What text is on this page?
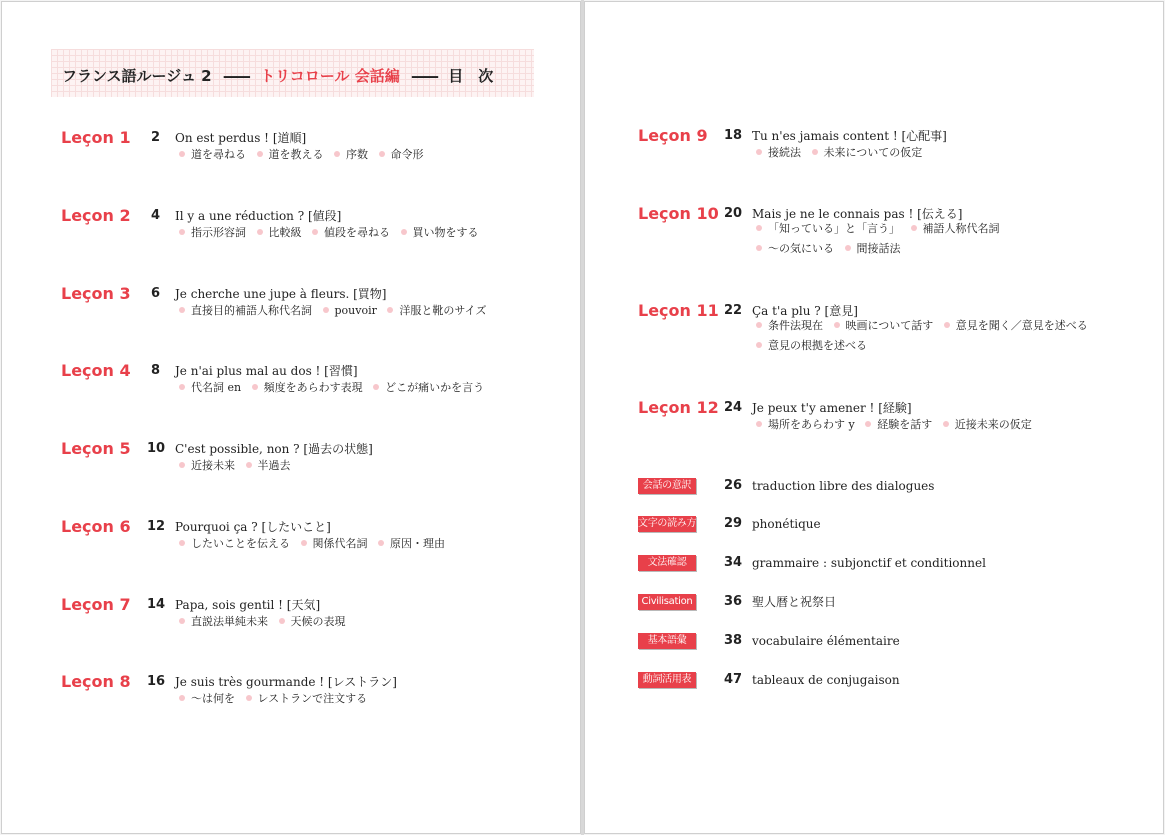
フランス語ルージュ 2 —— トリコロール 会話編 —— 目　次
Leçon 1 2 On est perdus ! [道順]
道を尋ねる 道を教える 序数 命令形
Leçon 2 4 Il y a une réduction ? [値段]
指示形容詞 比較級 値段を尋ねる 買い物をする
Leçon 3 6 Je cherche une jupe à fleurs. [買物]
直接目的補語人称代名詞 pouvoir 洋服と靴のサイズ
Leçon 4 8 Je n'ai plus mal au dos ! [習慣]
代名詞 en 頻度をあらわす表現 どこが痛いかを言う
Leçon 5 10 C'est possible, non ? [過去の状態]
近接未来 半過去
Leçon 6 12 Pourquoi ça ? [したいこと]
したいことを伝える 関係代名詞 原因・理由
Leçon 7 14 Papa, sois gentil ! [天気]
直説法単純未来 天候の表現
Leçon 8 16 Je suis très gourmande ! [レストラン]
〜は何を レストランで注文する
Leçon 9 18 Tu n'es jamais content ! [心配事]
接続法 未来についての仮定
Leçon 10 20 Mais je ne le connais pas ! [伝える]
「知っている」と「言う」 補語人称代名詞
〜の気にいる 間接話法
Leçon 11 22 Ça t'a plu ? [意見]
条件法現在 映画について話す 意見を聞く／意見を述べる
意見の根拠を述べる
Leçon 12 24 Je peux t'y amener ! [経験]
場所をあらわす y 経験を話す 近接未来の仮定
会話の意訳	26 traduction libre des dialogues
文字の読み方 29 phonétique
文法確認	34 grammaire : subjonctif et conditionnel
Civilisation 36 聖人暦と祝祭日
基本語彙	38 vocabulaire élémentaire
動詞活用表	47 tableaux de conjugaison
